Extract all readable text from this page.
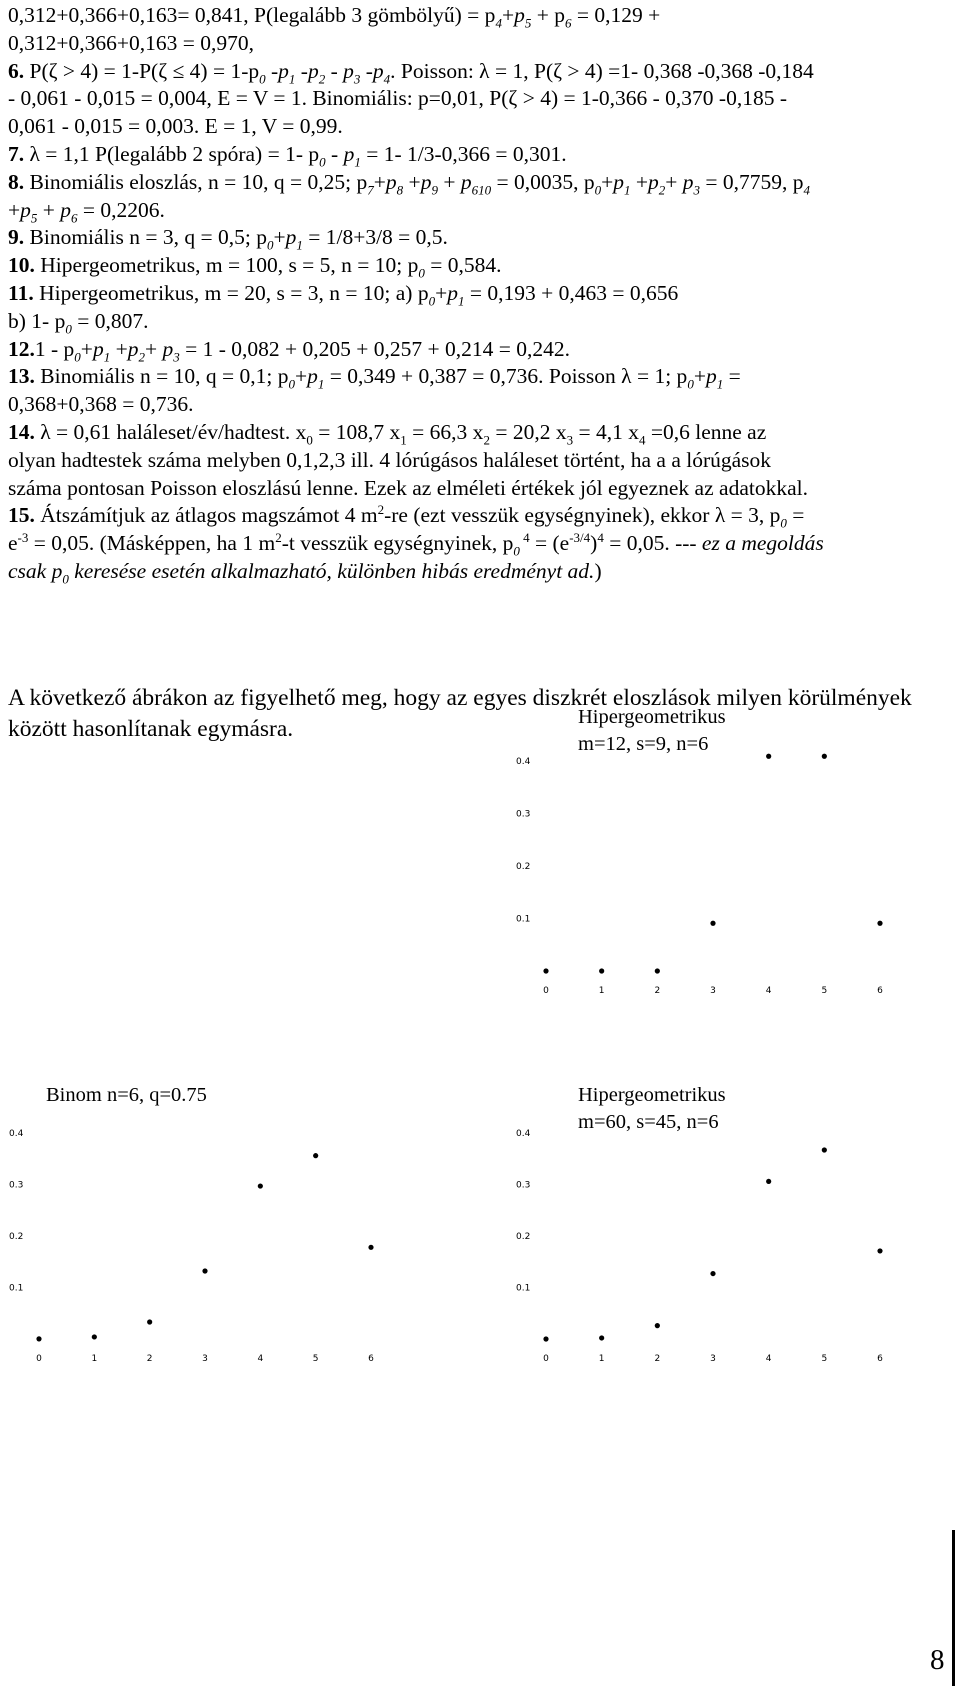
0,312+0,366+0,163= 0,841, P(legalább 3 gömbölyű) = $p_4+p_5 + p_6 = 0,129$ +

0,312+0,366+0,163 = 0,970,

6. $P(\zeta > 4) = 1-P(\zeta \le 4) = 1-p_0$ $-p_1$ $-p_2 - p_3$ $-p_4$. Poisson: λ = 1, P(ζ > 4) =1- 0,368 -0,368 -0,184

- 0,061 - 0,015 = 0,004, E = V = 1. Binomiális: p=0,01, P(ζ > 4) = 1-0,366 - 0,370 -0,185 -

0,061 - 0,015 = 0,003. E = 1, V = 0,99.

7. λ = 1,1 P(legalább 2 spóra) = 1- $p_0 - p_1 = 1-$ 1/3-0,366 = 0,301.

8. Binomiális eloszlás, n = 10, q = 0,25; $p_7+p_8 +p_9 + p_{610} = 0,0035$, $p_0+p_1 +p_2+ p_3 = 0,7759$, $p_4$

$+p_5 + p_6 = 0,2206$.

9. Binomiális n = 3, q = 0,5; $p_0+p_1 = 1/8+3/8 = 0,5$.

10. Hipergeometrikus, m = 100, s = 5, n = 10; $p_0 = 0,584$.

11. Hipergeometrikus, m = 20, s = 3, n = 10; a) $p_0+p_1 = 0,193 + 0,463 = 0,656$

b) 1- $p_0 = 0,807$.

$12.1 - p_0+p_1 +p_2+ p_3 = 1 - 0,082 + 0,205 + 0,257 + 0,214 = 0,242$.

13. Binomiális n = 10, q = 0,1; $p_0+p_1 = 0,349 + 0,387 = 0,736$. Poisson λ = 1; $p_0+p_1$ =

0,368+0,368 = 0,736.

14. λ = 0,61 haláleset/év/hadtest. $x_0 = 108,7$ $x_1 = 66,3$ $x_2 = 20,2$ $x_3 = 4,1$ $x_4 =0,6$ lenne az

olyan hadtestek száma melyben 0,1,2,3 ill. 4 lórúgásos haláleset történt, ha a a lórúgások

száma pontosan Poisson eloszlású lenne. Ezek az elméleti értékek jól egyeznek az adatokkal.

15. Átszámítjuk az átlagos magszámot 4 $m^2-re$ (ezt vesszük egységnyinek), ekkor λ = 3, $p_0$ =

$e^{-3} = 0,05$. (Másképpen, ha 1 $m^2-t$ vesszük egységnyinek, $p_0$ $^4 = (e^{-3/4})^4 = 0,05$. --- ez a megoldás

csak $p_0$ keresése esetén alkalmazható, különben hibás eredményt ad.)

A következő ábrákon az figyelhető meg, hogy az egyes diszkrét eloszlások milyen körülmények között hasonlítanak egymásra.	Hipergeometrikus
m=12, s=9, n=6

Binom n=6, q=0.75	Hipergeometrikus
m=60, s=45, n=6

0	1	2	3	4	5	6
0.1
0.2
0.3
0.4
0	1	2	3	4	5	6
0.1
0.2
0.3
0.4
0	1	2	3	4	5	6
0.1
0.2
0.3
0.4

8
